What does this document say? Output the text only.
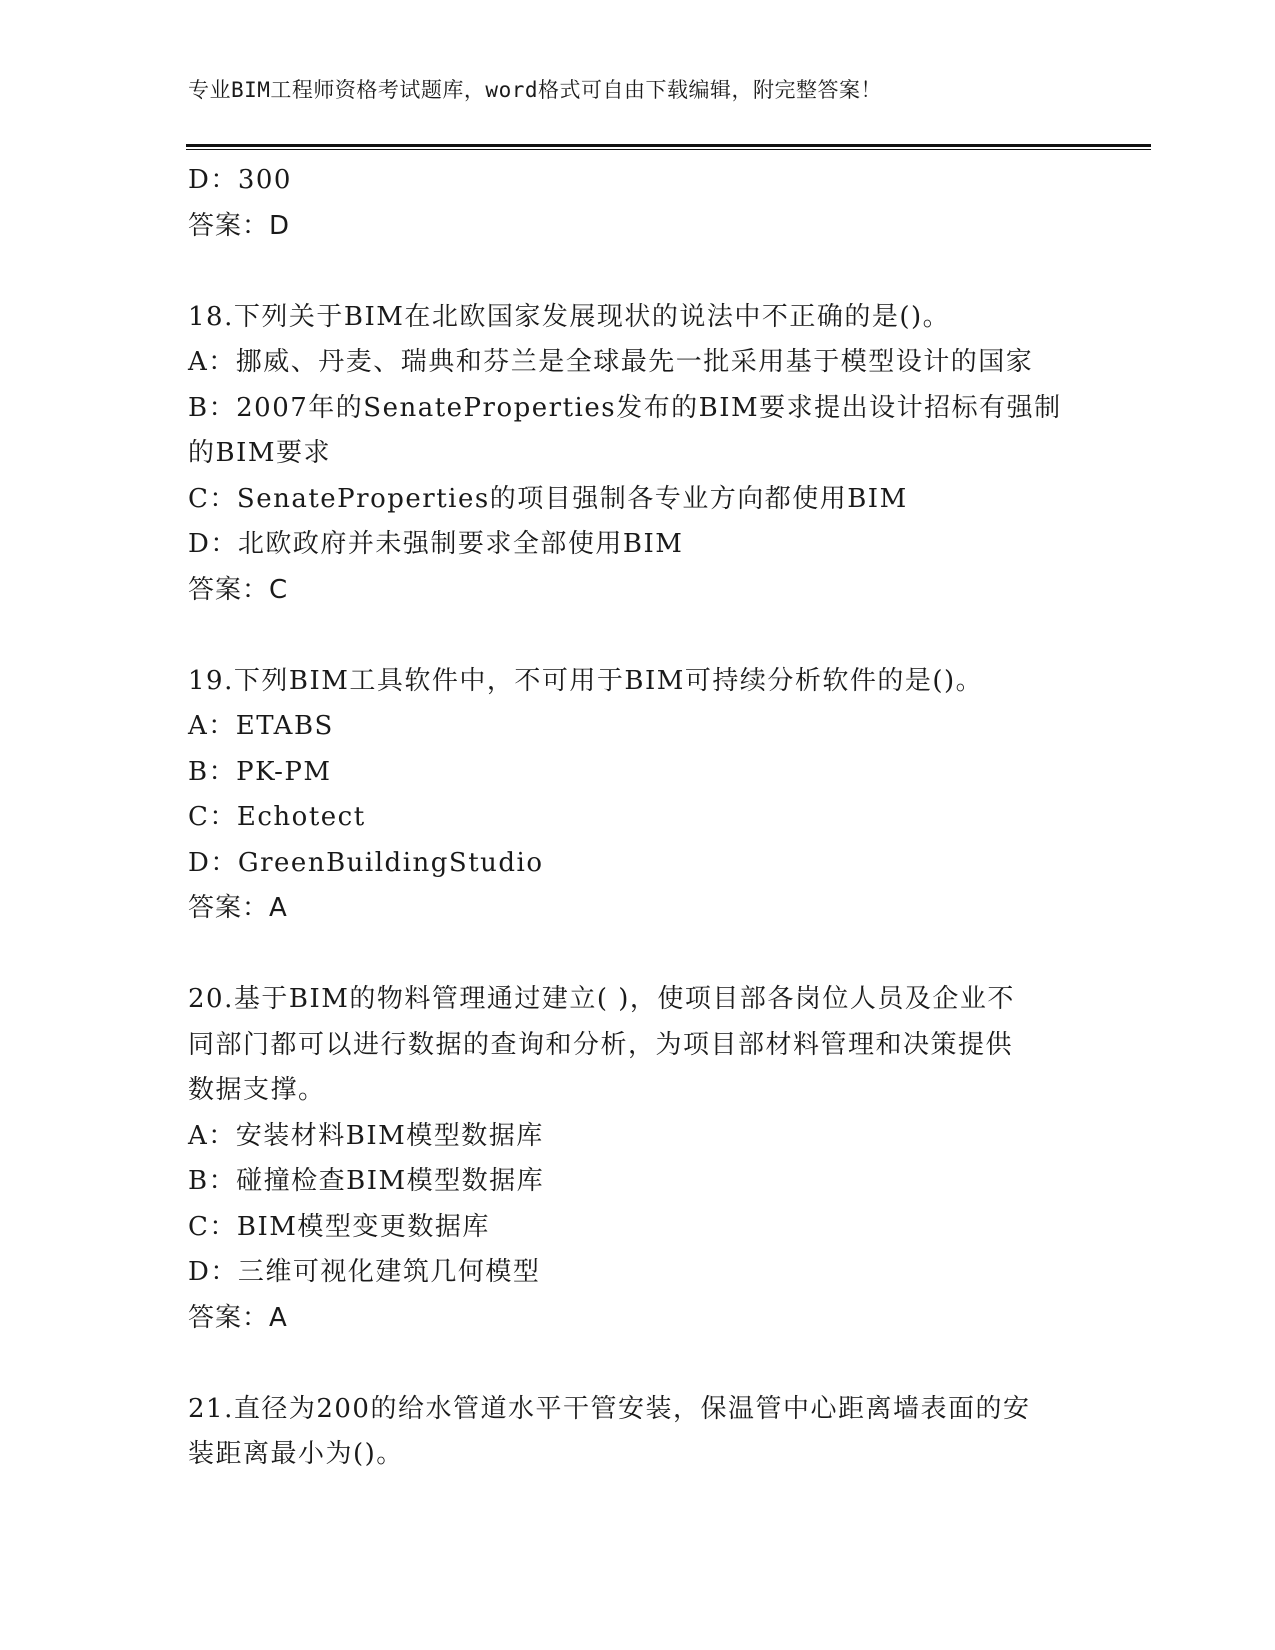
专业BIM工程师资格考试题库，word格式可自由下载编辑，附完整答案！
D：300
答案：D
18.下列关于BIM在北欧国家发展现状的说法中不正确的是()。
A：挪威、丹麦、瑞典和芬兰是全球最先一批采用基于模型设计的国家
B：2007年的SenateProperties发布的BIM要求提出设计招标有强制
的BIM要求
C：SenateProperties的项目强制各专业方向都使用BIM
D：北欧政府并未强制要求全部使用BIM
答案：C
19.下列BIM工具软件中，不可用于BIM可持续分析软件的是()。
A：ETABS
B：PK-PM
C：Echotect
D：GreenBuildingStudio
答案：A
20.基于BIM的物料管理通过建立( )，使项目部各岗位人员及企业不
同部门都可以进行数据的查询和分析，为项目部材料管理和决策提供
数据支撑。
A：安装材料BIM模型数据库
B：碰撞检查BIM模型数据库
C：BIM模型变更数据库
D：三维可视化建筑几何模型
答案：A
21.直径为200的给水管道水平干管安装，保温管中心距离墙表面的安
装距离最小为()。
